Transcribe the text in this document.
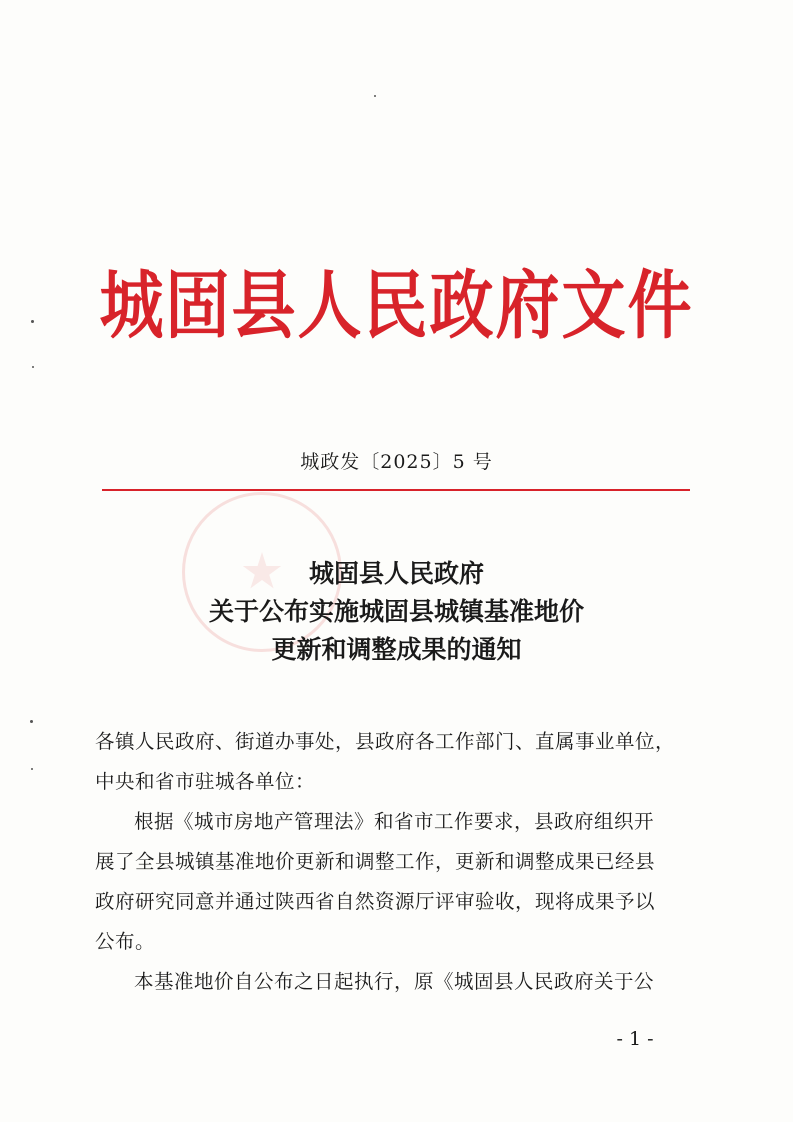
城固县人民政府文件
城政发〔2025〕5 号
城固县人民政府
关于公布实施城固县城镇基准地价
更新和调整成果的通知

各镇人民政府、街道办事处，县政府各工作部门、直属事业单位，

中央和省市驻城各单位：

根据《城市房地产管理法》和省市工作要求，县政府组织开

展了全县城镇基准地价更新和调整工作，更新和调整成果已经县

政府研究同意并通过陕西省自然资源厅评审验收，现将成果予以

公布。

本基准地价自公布之日起执行，原《城固县人民政府关于公

- 1 -
